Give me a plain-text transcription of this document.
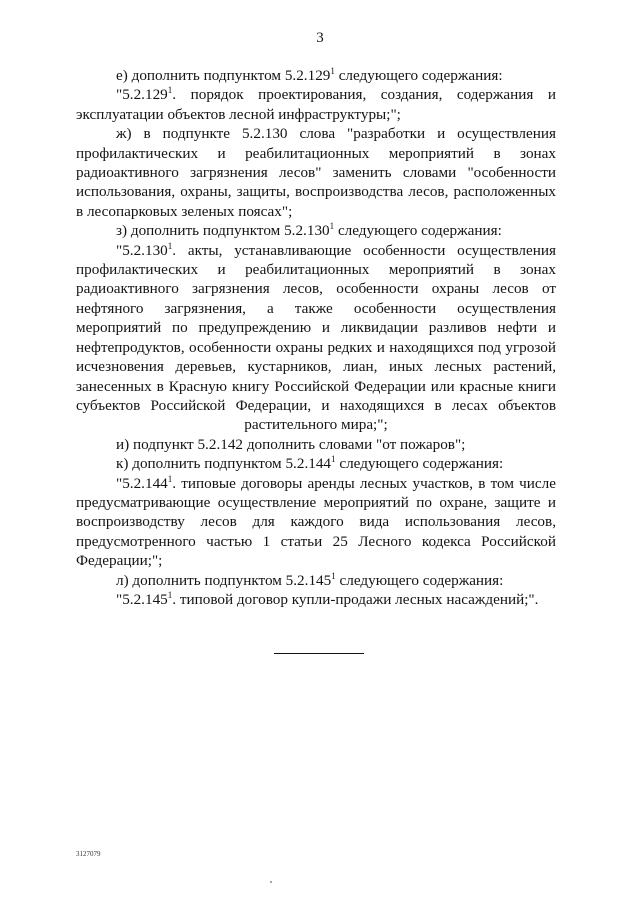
3

е) дополнить подпунктом 5.2.129$^1$ следующего содержания:

"5.2.129$^1$. порядок проектирования, создания, содержания и эксплуатации объектов лесной инфраструктуры;";

ж) в подпункте 5.2.130 слова "разработки и осуществления профилактических и реабилитационных мероприятий в зонах радиоактивного загрязнения лесов" заменить словами "особенности использования, охраны, защиты, воспроизводства лесов, расположенных в лесопарковых зеленых поясах";

з) дополнить подпунктом 5.2.130$^1$ следующего содержания:

"5.2.130$^1$. акты, устанавливающие особенности осуществления профилактических и реабилитационных мероприятий в зонах радиоактивного загрязнения лесов, особенности охраны лесов от нефтяного загрязнения, а также особенности осуществления мероприятий по предупреждению и ликвидации разливов нефти и нефтепродуктов, особенности охраны редких и находящихся под угрозой исчезновения деревьев, кустарников, лиан, иных лесных растений, занесенных в Красную книгу Российской Федерации или красные книги субъектов Российской Федерации, и находящихся в лесах объектов растительного мира;";

и) подпункт 5.2.142 дополнить словами "от пожаров";

к) дополнить подпунктом 5.2.144$^1$ следующего содержания:

"5.2.144$^1$. типовые договоры аренды лесных участков, в том числе предусматривающие осуществление мероприятий по охране, защите и воспроизводству лесов для каждого вида использования лесов, предусмотренного частью 1 статьи 25 Лесного кодекса Российской Федерации;";

л) дополнить подпунктом 5.2.145$^1$ следующего содержания:

"5.2.145$^1$. типовой договор купли-продажи лесных насаждений;".

3127079
